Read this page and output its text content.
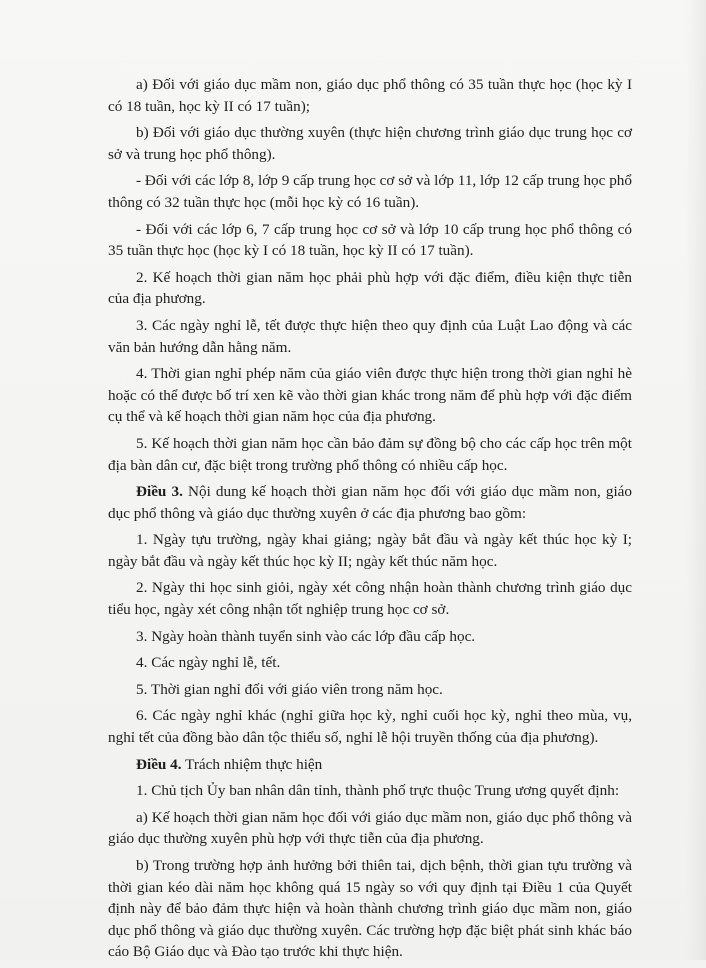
a) Đối với giáo dục mầm non, giáo dục phổ thông có 35 tuần thực học (học kỳ I có 18 tuần, học kỳ II có 17 tuần);

b) Đối với giáo dục thường xuyên (thực hiện chương trình giáo dục trung học cơ sở và trung học phổ thông).

- Đối với các lớp 8, lớp 9 cấp trung học cơ sở và lớp 11, lớp 12 cấp trung học phổ thông có 32 tuần thực học (mỗi học kỳ có 16 tuần).

- Đối với các lớp 6, 7 cấp trung học cơ sở và lớp 10 cấp trung học phổ thông có 35 tuần thực học (học kỳ I có 18 tuần, học kỳ II có 17 tuần).

2. Kế hoạch thời gian năm học phải phù hợp với đặc điểm, điều kiện thực tiễn của địa phương.

3. Các ngày nghỉ lễ, tết được thực hiện theo quy định của Luật Lao động và các văn bản hướng dẫn hằng năm.

4. Thời gian nghỉ phép năm của giáo viên được thực hiện trong thời gian nghỉ hè hoặc có thể được bố trí xen kẽ vào thời gian khác trong năm để phù hợp với đặc điểm cụ thể và kế hoạch thời gian năm học của địa phương.

5. Kế hoạch thời gian năm học cần bảo đảm sự đồng bộ cho các cấp học trên một địa bàn dân cư, đặc biệt trong trường phổ thông có nhiều cấp học.

Điều 3. Nội dung kế hoạch thời gian năm học đối với giáo dục mầm non, giáo dục phổ thông và giáo dục thường xuyên ở các địa phương bao gồm:

1. Ngày tựu trường, ngày khai giảng; ngày bắt đầu và ngày kết thúc học kỳ I; ngày bắt đầu và ngày kết thúc học kỳ II; ngày kết thúc năm học.

2. Ngày thi học sinh giỏi, ngày xét công nhận hoàn thành chương trình giáo dục tiểu học, ngày xét công nhận tốt nghiệp trung học cơ sở.

3. Ngày hoàn thành tuyển sinh vào các lớp đầu cấp học.

4. Các ngày nghỉ lễ, tết.

5. Thời gian nghỉ đối với giáo viên trong năm học.

6. Các ngày nghỉ khác (nghỉ giữa học kỳ, nghỉ cuối học kỳ, nghỉ theo mùa, vụ, nghỉ tết của đồng bào dân tộc thiểu số, nghỉ lễ hội truyền thống của địa phương).

Điều 4. Trách nhiệm thực hiện

1. Chủ tịch Ủy ban nhân dân tỉnh, thành phố trực thuộc Trung ương quyết định:

a) Kế hoạch thời gian năm học đối với giáo dục mầm non, giáo dục phổ thông và giáo dục thường xuyên phù hợp với thực tiễn của địa phương.

b) Trong trường hợp ảnh hưởng bởi thiên tai, dịch bệnh, thời gian tựu trường và thời gian kéo dài năm học không quá 15 ngày so với quy định tại Điều 1 của Quyết định này để bảo đảm thực hiện và hoàn thành chương trình giáo dục mầm non, giáo dục phổ thông và giáo dục thường xuyên. Các trường hợp đặc biệt phát sinh khác báo cáo Bộ Giáo dục và Đào tạo trước khi thực hiện.
